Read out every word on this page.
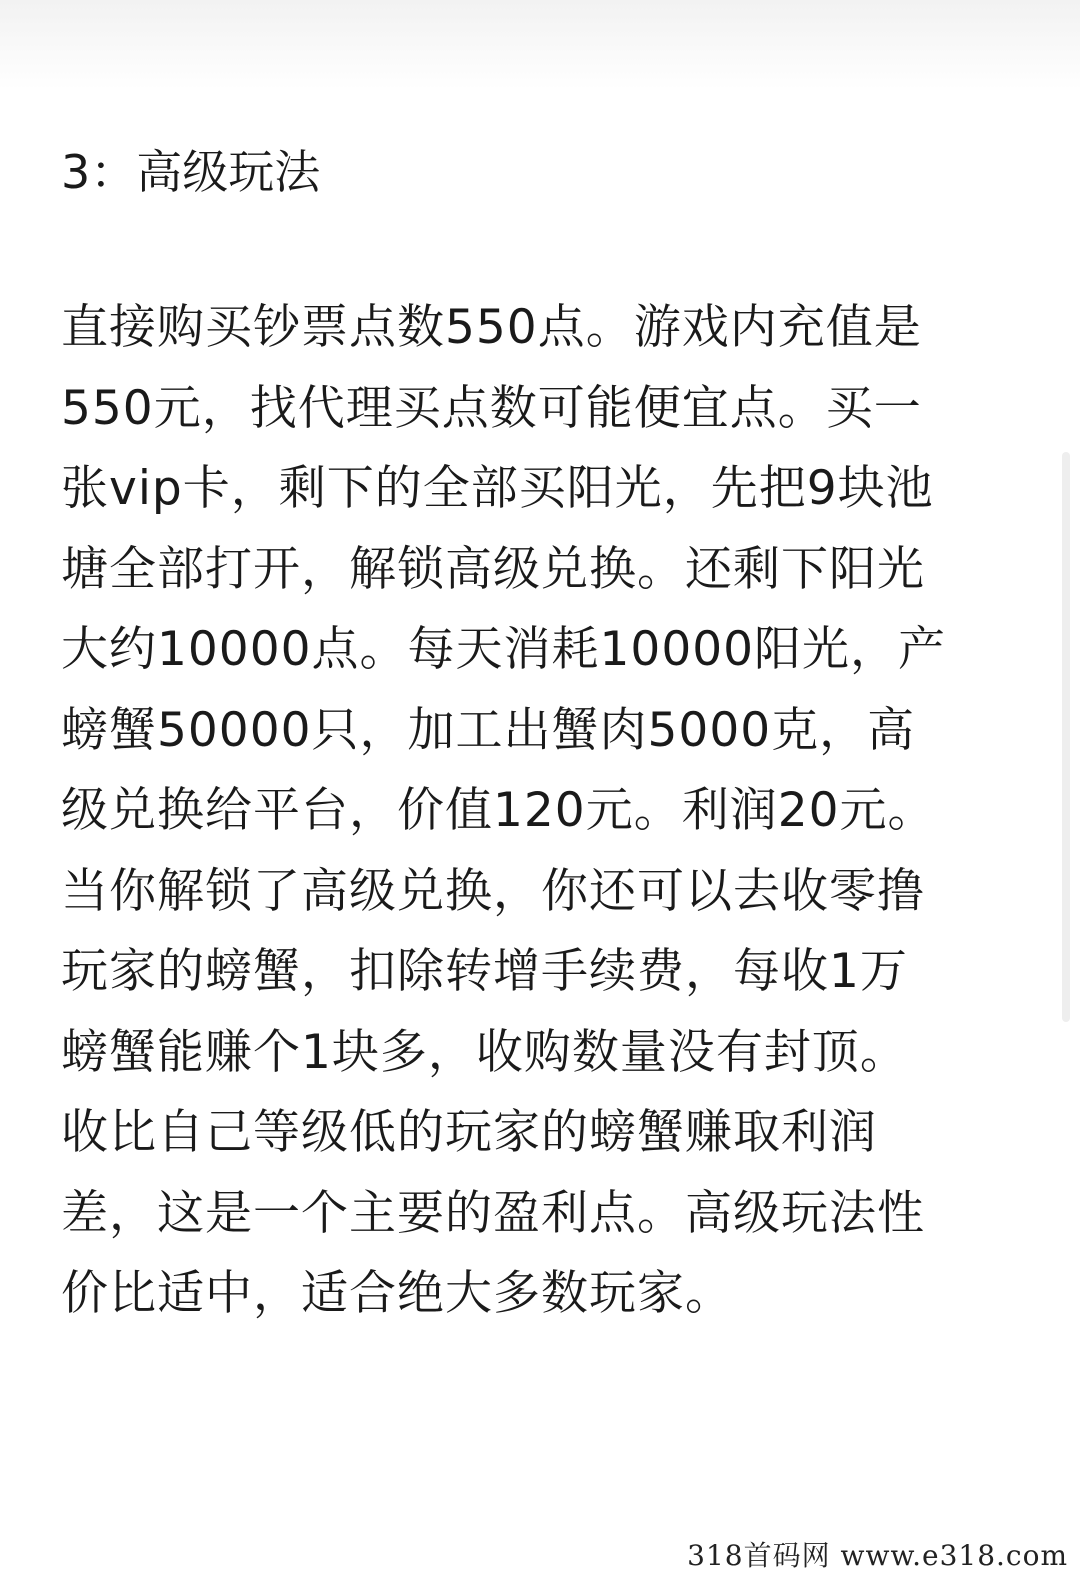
3：高级玩法
直接购买钞票点数550点。游戏内充值是
550元，找代理买点数可能便宜点。买一
张vip卡，剩下的全部买阳光，先把9块池
塘全部打开，解锁高级兑换。还剩下阳光
大约10000点。每天消耗10000阳光，产
螃蟹50000只，加工出蟹肉5000克，高
级兑换给平台，价值120元。利润20元。
当你解锁了高级兑换，你还可以去收零撸
玩家的螃蟹，扣除转增手续费，每收1万
螃蟹能赚个1块多，收购数量没有封顶。
收比自己等级低的玩家的螃蟹赚取利润
差，这是一个主要的盈利点。高级玩法性
价比适中，适合绝大多数玩家。
318首码网 www.e318.com
